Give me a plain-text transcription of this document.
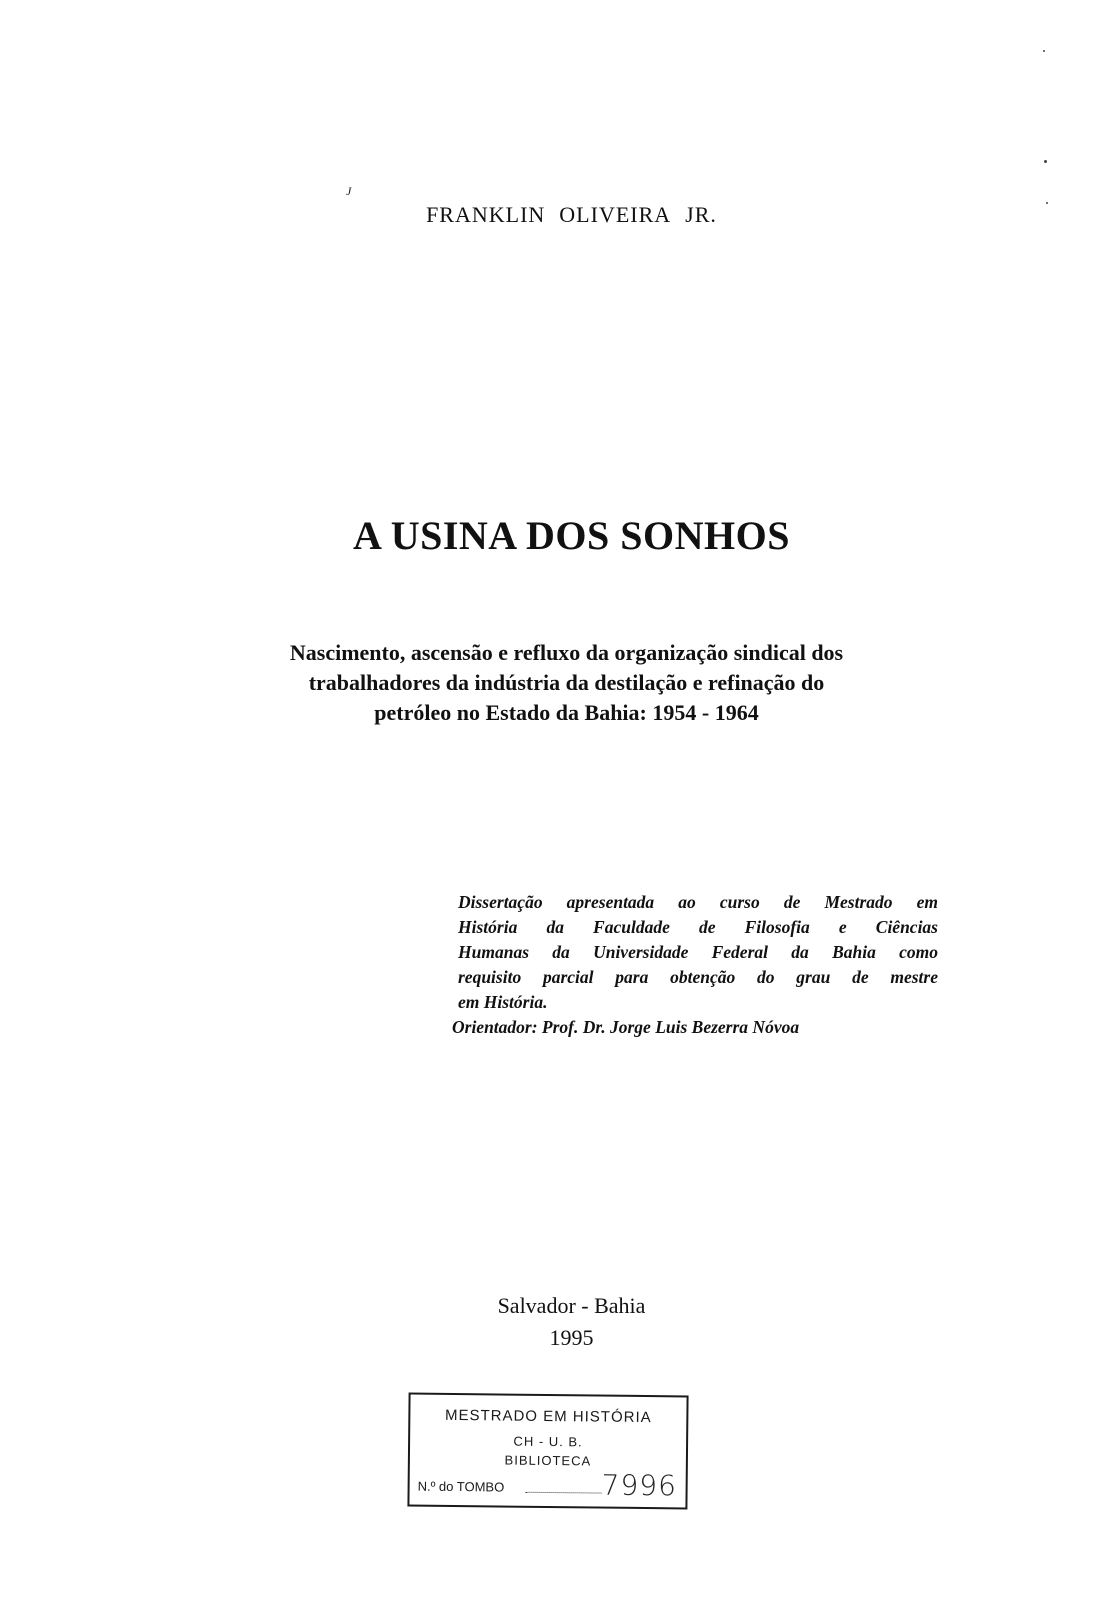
J
FRANKLIN OLIVEIRA JR.
A USINA DOS SONHOS
Nascimento, ascensão e refluxo da organização sindical dos
trabalhadores da indústria da destilação e refinação do
petróleo no Estado da Bahia: 1954 - 1964
Dissertação apresentada ao curso de Mestrado em
História da Faculdade de Filosofia e Ciências
Humanas da Universidade Federal da Bahia como
requisito parcial para obtenção do grau de mestre
em História.
Orientador: Prof. Dr. Jorge Luis Bezerra Nóvoa
Salvador - Bahia
1995
MESTRADO EM HISTÓRIA
CH - U. B.
BIBLIOTECA
N.º do TOMBO	7996
